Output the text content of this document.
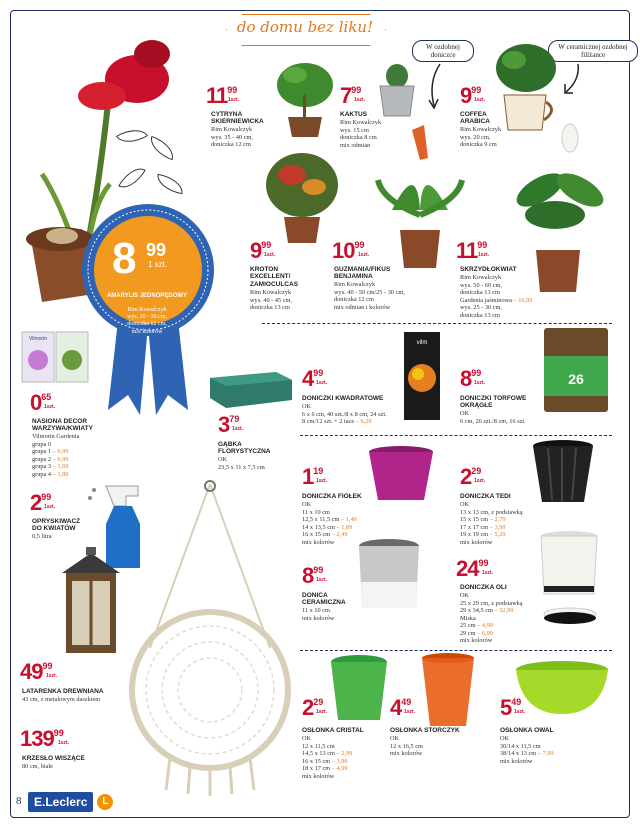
do domu bez liku!
W ozdobnej doniczce
W ceramicznej ozdobnej filiżance
8 99
1 szt.
AMARYLIS JEDNOPĘDOWY
Rim Kowalczyk
wys. 20 - 30 cm,
doniczka 12 cm,
mix kolorów
$11^{99}$
1szt.
CYTRYNA
SKIERNIEWICKA
Rim Kowalczyk
wys. 35 - 40 cm,
doniczka 12 cm
$7^{99}$
1szt.
KAKTUS
Rim Kowalczyk
wys. 15 cm
doniczka 8 cm
mix odmian
$9^{99}$
1szt.
COFFEA
ARABICA
Rim Kowalczyk
wys. 20 cm,
doniczka 9 cm
$9^{99}$
1szt.
KROTON
EXCELLENT/
ZAMIOCULCAS
Rim Kowalczyk
wys. 40 - 45 cm,
doniczka 13 cm
$10^{99}$
1szt.
GUZMANIA/FIKUS
BENJAMINA
Rim Kowalczyk
wys. 40 - 50 cm/25 - 30 cm,
doniczka 12 cm
mix odmian i kolorów
$11^{99}$
1szt.
SKRZYDŁOKWIAT
Rim Kowalczyk
wys. 50 - 60 cm,
doniczka 13 cm
Gardenia jaśminowa – 16,99
wys. 25 - 30 cm,
doniczka 13 cm
Vilmorin
$0^{65}$
1szt.
NASIONA DECOR
WARZYWA/KWIATY
Vilmorin Gardenia
grupa 0
grupa 1 – 0,99
grupa 2 – 0,99
grupa 3 – 1,69
grupa 4 – 1,89
$3^{79}$
1szt.
GĄBKA
FLORYSTYCZNA
OK
23,5 x 11 x 7,5 cm
vilm
$4^{99}$
1szt.
DONICZKI KWADRATOWE
OK
6 x 6 cm, 40 szt./8 x 8 cm, 24 szt.
8 cm/12 szt. + 2 tace – 6,29
26
$8^{99}$
1szt.
DONICZKI TORFOWE
OKRĄGŁE
OK
6 cm, 26 szt./8 cm, 16 szt.
$2^{99}$
1szt.
OPRYSKIWACZ
DO KWIATÓW
0,5 litra
$49^{99}$
1szt.
LATARENKA DREWNIANA
43 cm, z metalowym daszkiem
$139^{99}$
1szt.
KRZESŁO WISZĄCE
80 cm, białe
$1^{19}$
1szt.
DONICZKA FIOŁEK
OK
11 x 10 cm
12,5 x 11,5 cm – 1,49
14 x 13,5 cm – 1,89
16 x 15 cm – 2,49
mix kolorów
$2^{29}$
1szt.
DONICZKA TEDI
OK
13 x 13 cm, z podstawką
15 x 15 cm – 2,79
17 x 17 cm – 3,99
19 x 19 cm – 5,29
mix kolorów
$8^{99}$
1szt.
DONICA
CERAMICZNA
11 x 10 cm
mix kolorów
$24^{99}$
1szt.
DONICZKA OLI
OK
25 x 29 cm, z podstawką
29 x 34,5 cm – 32,99
Miska
25 cm – 4,99
29 cm – 6,99
mix kolorów
$2^{29}$
1szt.
OSŁONKA CRISTAL
OK
12 x 11,5 cm
14,5 x 13 cm – 2,99
16 x 15 cm – 3,99
18 x 17 cm – 4,99
mix kolorów
$4^{49}$
1szt.
OSŁONKA STORCZYK
OK
12 x 16,5 cm
mix kolorów
$5^{49}$
1szt.
OSŁONKA OWAL
OK
30/14 x 11,5 cm
38/14 x 13 cm – 7,99
mix kolorów
8	E.Leclerc	L
